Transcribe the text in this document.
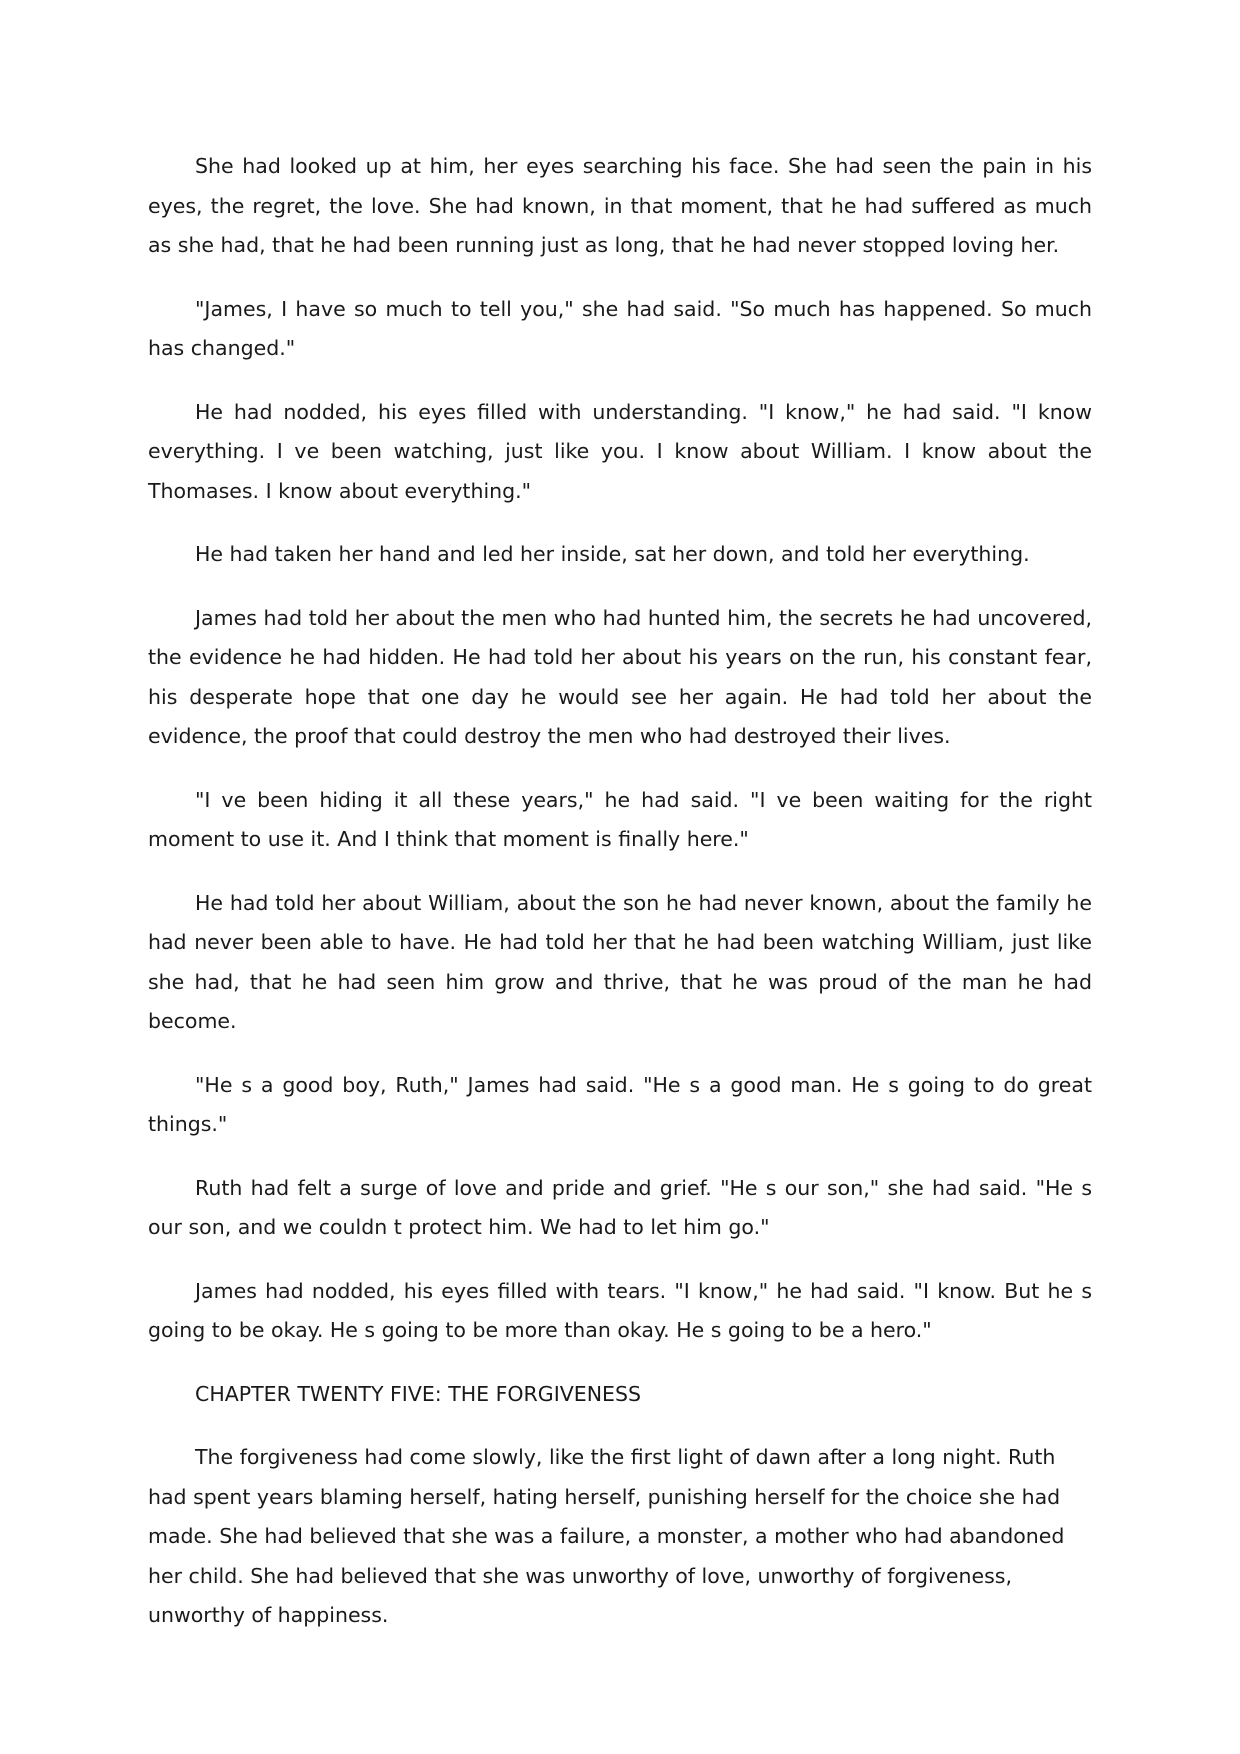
She had looked up at him, her eyes searching his face. She had seen the pain in his eyes, the regret, the love. She had known, in that moment, that he had suffered as much as she had, that he had been running just as long, that he had never stopped loving her.

"James, I have so much to tell you," she had said. "So much has happened. So much has changed."

He had nodded, his eyes filled with understanding. "I know," he had said. "I know everything. I ve been watching, just like you. I know about William. I know about the Thomases. I know about everything."

He had taken her hand and led her inside, sat her down, and told her everything.

James had told her about the men who had hunted him, the secrets he had uncovered, the evidence he had hidden. He had told her about his years on the run, his constant fear, his desperate hope that one day he would see her again. He had told her about the evidence, the proof that could destroy the men who had destroyed their lives.

"I ve been hiding it all these years," he had said. "I ve been waiting for the right moment to use it. And I think that moment is finally here."

He had told her about William, about the son he had never known, about the family he had never been able to have. He had told her that he had been watching William, just like she had, that he had seen him grow and thrive, that he was proud of the man he had become.

"He s a good boy, Ruth," James had said. "He s a good man. He s going to do great things."

Ruth had felt a surge of love and pride and grief. "He s our son," she had said. "He s our son, and we couldn t protect him. We had to let him go."

James had nodded, his eyes filled with tears. "I know," he had said. "I know. But he s going to be okay. He s going to be more than okay. He s going to be a hero."

CHAPTER TWENTY FIVE: THE FORGIVENESS

The forgiveness had come slowly, like the first light of dawn after a long night. Ruth had spent years blaming herself, hating herself, punishing herself for the choice she had made. She had believed that she was a failure, a monster, a mother who had abandoned her child. She had believed that she was unworthy of love, unworthy of forgiveness, unworthy of happiness.
